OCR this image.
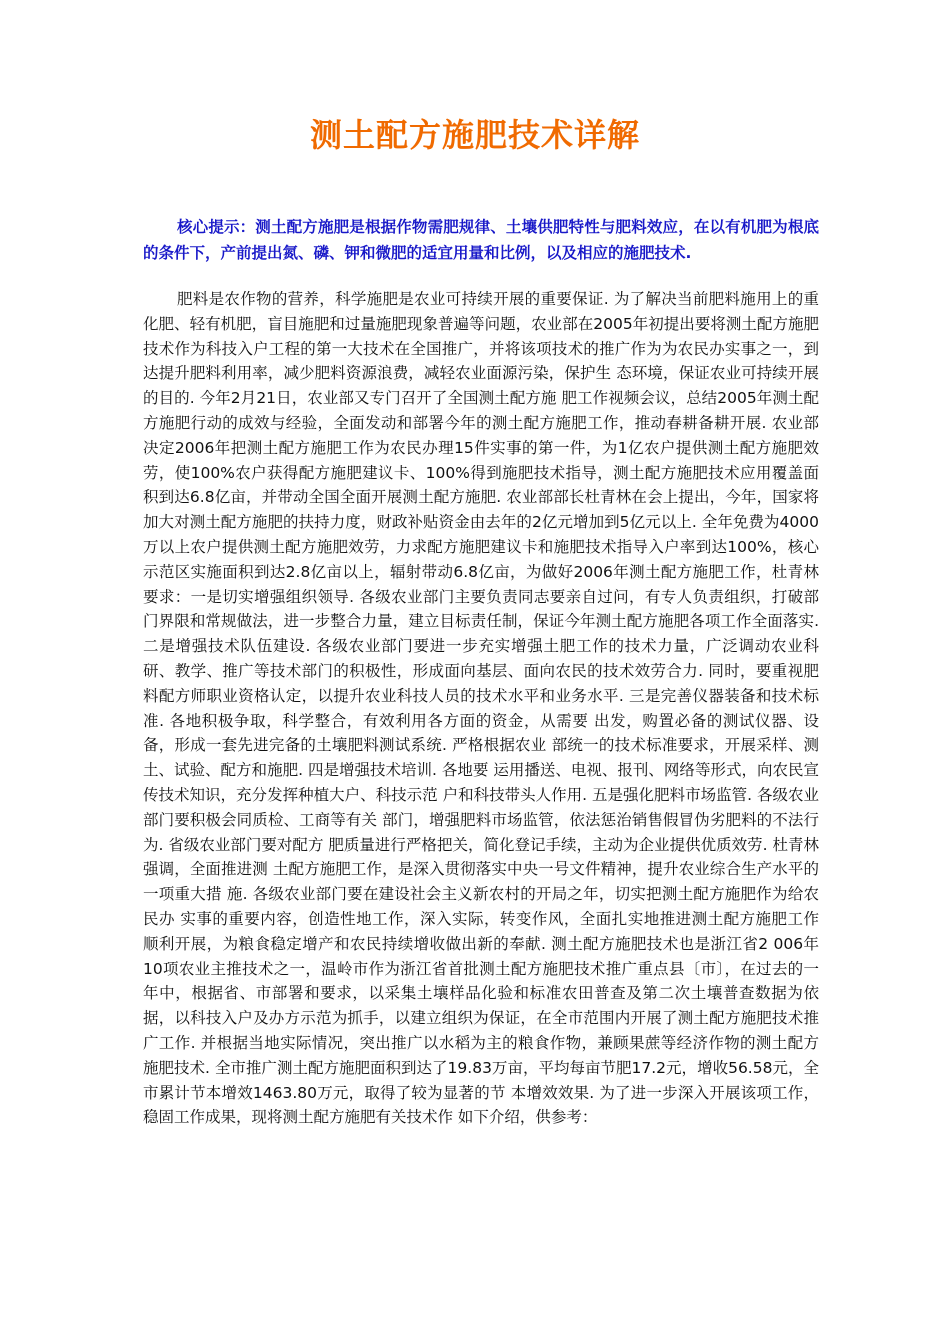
测土配方施肥技术详解

核心提示：测土配方施肥是根据作物需肥规律、土壤供肥特性与肥料效应，在以有机肥为根底的条件下，产前提出氮、磷、钾和微肥的适宜用量和比例，以及相应的施肥技术.

肥料是农作物的营养，科学施肥是农业可持续开展的重要保证. 为了解决当前肥料施用上的重化肥、轻有机肥，盲目施肥和过量施肥现象普遍等问题，农业部在2005年初提出要将测土配方施肥技术作为科技入户工程的第一大技术在全国推广，并将该项技术的推广作为为农民办实事之一，到达提升肥料利用率，减少肥料资源浪费，减轻农业面源污染，保护生 态环境，保证农业可持续开展的目的. 今年2月21日，农业部又专门召开了全国测土配方施 肥工作视频会议，总结2005年测土配方施肥行动的成效与经验，全面发动和部署今年的测土配方施肥工作，推动春耕备耕开展. 农业部决定2006年把测土配方施肥工作为农民办理15件实事的第一件，为1亿农户提供测土配方施肥效劳，使100%农户获得配方施肥建议卡、100%得到施肥技术指导，测土配方施肥技术应用覆盖面积到达6.8亿亩，并带动全国全面开展测土配方施肥. 农业部部长杜青林在会上提出，今年，国家将加大对测土配方施肥的扶持力度，财政补贴资金由去年的2亿元增加到5亿元以上. 全年免费为4000万以上农户提供测土配方施肥效劳，力求配方施肥建议卡和施肥技术指导入户率到达100%，核心示范区实施面积到达2.8亿亩以上，辐射带动6.8亿亩，为做好2006年测土配方施肥工作，杜青林要求：一是切实增强组织领导. 各级农业部门主要负责同志要亲自过问，有专人负责组织，打破部门界限和常规做法，进一步整合力量，建立目标责任制，保证今年测土配方施肥各项工作全面落实. 二是增强技术队伍建设. 各级农业部门要进一步充实增强土肥工作的技术力量，广泛调动农业科研、教学、推广等技术部门的积极性，形成面向基层、面向农民的技术效劳合力. 同时，要重视肥料配方师职业资格认定，以提升农业科技人员的技术水平和业务水平. 三是完善仪器装备和技术标准. 各地积极争取，科学整合，有效利用各方面的资金，从需要 出发，购置必备的测试仪器、设备，形成一套先进完备的土壤肥料测试系统. 严格根据农业 部统一的技术标准要求，开展采样、测土、试验、配方和施肥. 四是增强技术培训. 各地要 运用播送、电视、报刊、网络等形式，向农民宣传技术知识，充分发挥种植大户、科技示范 户和科技带头人作用. 五是强化肥料市场监管. 各级农业部门要积极会同质检、工商等有关 部门，增强肥料市场监管，依法惩治销售假冒伪劣肥料的不法行为. 省级农业部门要对配方 肥质量进行严格把关，简化登记手续，主动为企业提供优质效劳. 杜青林强调，全面推进测 土配方施肥工作，是深入贯彻落实中央一号文件精神，提升农业综合生产水平的一项重大措 施. 各级农业部门要在建设社会主义新农村的开局之年，切实把测土配方施肥作为给农民办 实事的重要内容，创造性地工作，深入实际，转变作风，全面扎实地推进测土配方施肥工作 顺利开展，为粮食稳定增产和农民持续增收做出新的奉献. 测土配方施肥技术也是浙江省2 006年10项农业主推技术之一，温岭市作为浙江省首批测土配方施肥技术推广重点县〔市〕，在过去的一年中，根据省、市部署和要求，以采集土壤样品化验和标准农田普查及第二次土壤普查数据为依据，以科技入户及办方示范为抓手，以建立组织为保证，在全市范围内开展了测土配方施肥技术推广工作. 并根据当地实际情况，突出推广以水稻为主的粮食作物，兼顾果蔗等经济作物的测土配方施肥技术. 全市推广测土配方施肥面积到达了19.83万亩，平均每亩节肥17.2元，增收56.58元，全市累计节本增效1463.80万元，取得了较为显著的节 本增效效果. 为了进一步深入开展该项工作，稳固工作成果，现将测土配方施肥有关技术作 如下介绍，供参考：
